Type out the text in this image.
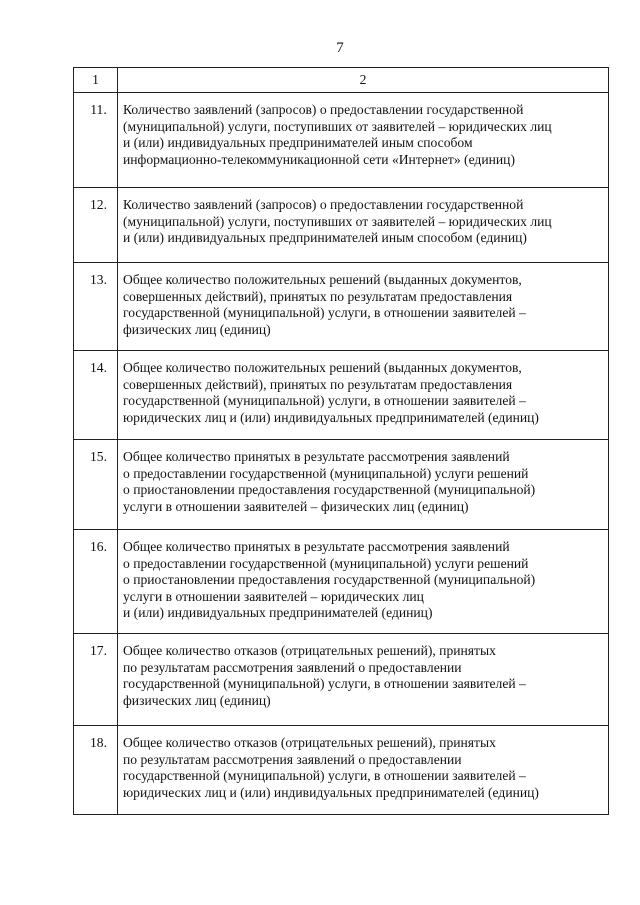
7
1	2
11.	Количество заявлений (запросов) о предоставлении государственной
(муниципальной) услуги, поступивших от заявителей – юридических лиц
и (или) индивидуальных предпринимателей иным способом
информационно-телекоммуникационной сети «Интернет» (единиц)

12.	Количество заявлений (запросов) о предоставлении государственной
(муниципальной) услуги, поступивших от заявителей – юридических лиц
и (или) индивидуальных предпринимателей иным способом (единиц)

13.	Общее количество положительных решений (выданных документов,
совершенных действий), принятых по результатам предоставления
государственной (муниципальной) услуги, в отношении заявителей –
физических лиц (единиц)

14.	Общее количество положительных решений (выданных документов,
совершенных действий), принятых по результатам предоставления
государственной (муниципальной) услуги, в отношении заявителей –
юридических лиц и (или) индивидуальных предпринимателей (единиц)

15.	Общее количество принятых в результате рассмотрения заявлений
о предоставлении государственной (муниципальной) услуги решений
о приостановлении предоставления государственной (муниципальной)
услуги в отношении заявителей – физических лиц (единиц)

16.	Общее количество принятых в результате рассмотрения заявлений
о предоставлении государственной (муниципальной) услуги решений
о приостановлении предоставления государственной (муниципальной)
услуги в отношении заявителей – юридических лиц
и (или) индивидуальных предпринимателей (единиц)

17.	Общее количество отказов (отрицательных решений), принятых
по результатам рассмотрения заявлений о предоставлении
государственной (муниципальной) услуги, в отношении заявителей –
физических лиц (единиц)

18.	Общее количество отказов (отрицательных решений), принятых
по результатам рассмотрения заявлений о предоставлении
государственной (муниципальной) услуги, в отношении заявителей –
юридических лиц и (или) индивидуальных предпринимателей (единиц)
